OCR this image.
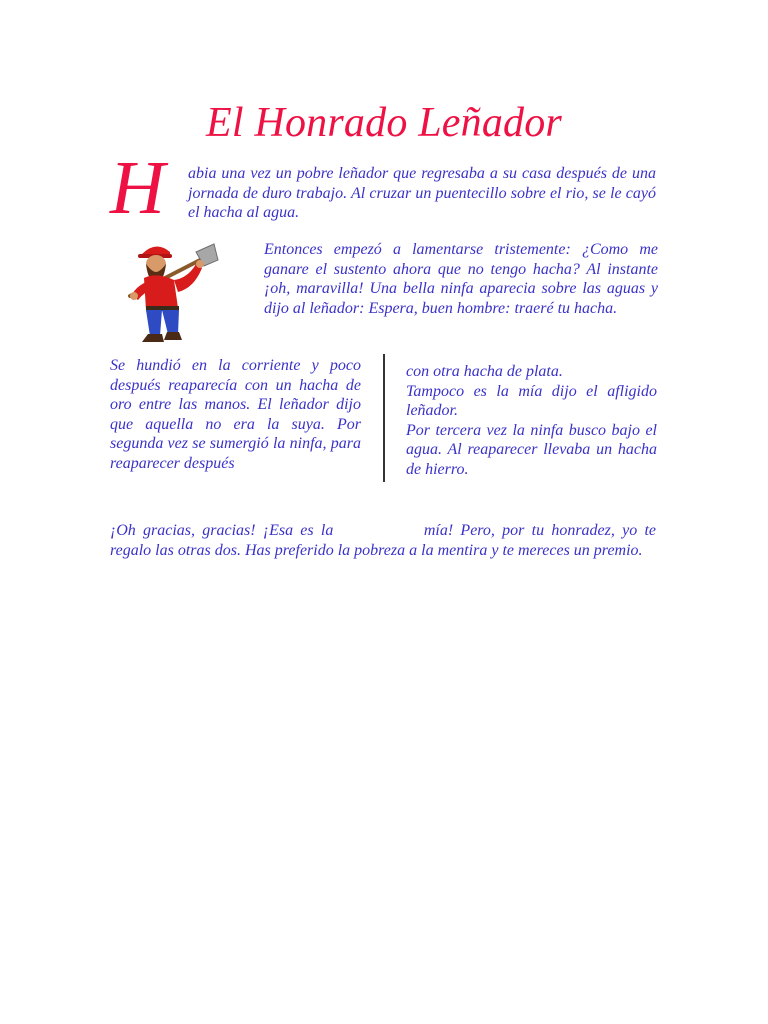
El Honrado Leñador
H abia una vez un pobre leñador que regresaba a su casa después de una jornada de duro trabajo. Al cruzar un puentecillo sobre el rio, se le cayó el hacha al agua.

Entonces empezó a lamentarse tristemente: ¿Como me ganare el sustento ahora que no tengo hacha? Al instante ¡oh, maravilla! Una bella ninfa aparecia sobre las aguas y dijo al leñador: Espera, buen hombre: traeré tu hacha.

Se hundió en la corriente y poco después reaparecía con un hacha de oro entre las manos. El leñador dijo que aquella no era la suya. Por segunda vez se sumergió la ninfa, para reaparecer después

con otra hacha de plata.
Tampoco es la mía dijo el afligido leñador.
Por tercera vez la ninfa busco bajo el agua. Al reaparecer llevaba un hacha de hierro.

¡Oh gracias, gracias! ¡Esa es la	mía! Pero, por tu honradez, yo te regalo las otras dos. Has preferido la pobreza a la mentira y te mereces un premio.
